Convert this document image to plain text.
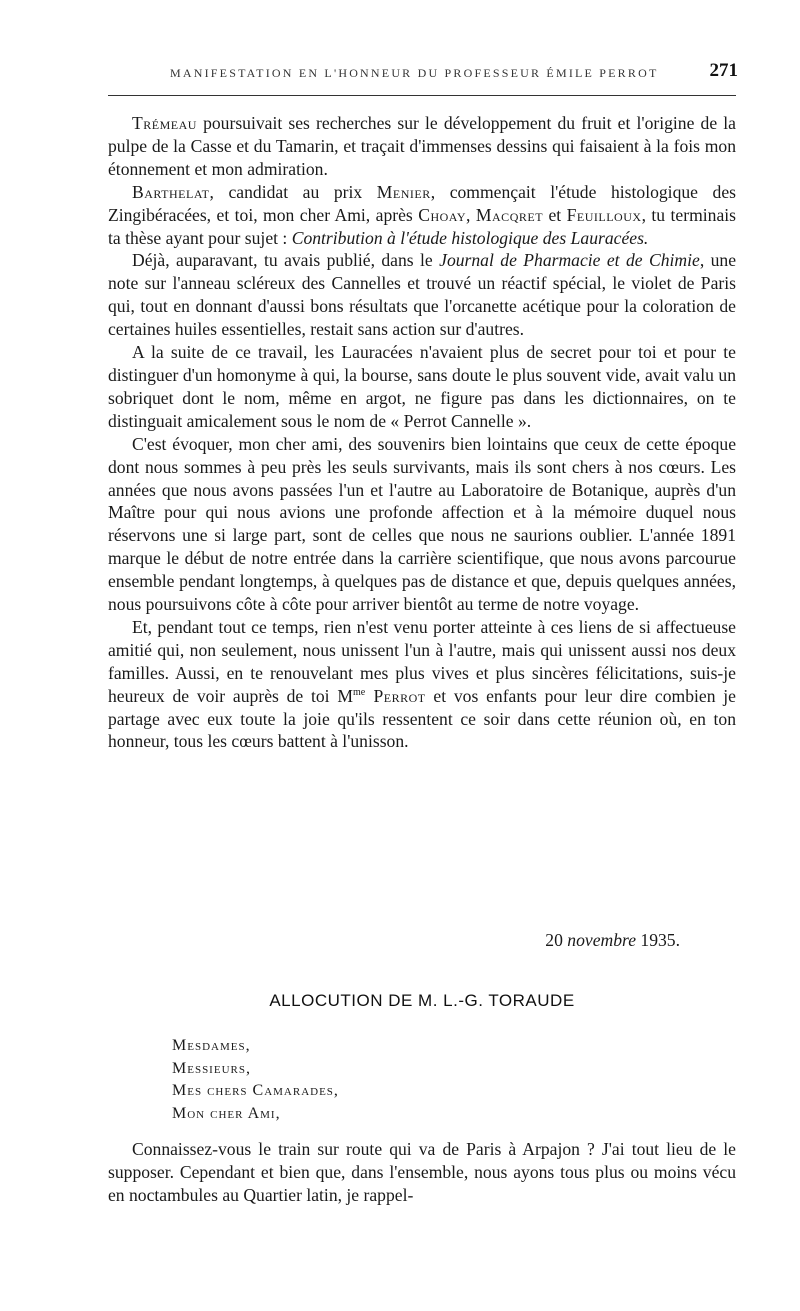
MANIFESTATION EN L'HONNEUR DU PROFESSEUR ÉMILE PERROT	271

Trémeau poursuivait ses recherches sur le développement du fruit et l'origine de la pulpe de la Casse et du Tamarin, et traçait d'immenses dessins qui faisaient à la fois mon étonnement et mon admiration.

Barthelat, candidat au prix Menier, commençait l'étude histologique des Zingibéracées, et toi, mon cher Ami, après Choay, Macqret et Feuilloux, tu terminais ta thèse ayant pour sujet : Contribution à l'étude histologique des Lauracées.

Déjà, auparavant, tu avais publié, dans le Journal de Pharmacie et de Chimie, une note sur l'anneau scléreux des Cannelles et trouvé un réactif spécial, le violet de Paris qui, tout en donnant d'aussi bons résultats que l'orcanette acétique pour la coloration de certaines huiles essentielles, restait sans action sur d'autres.

A la suite de ce travail, les Lauracées n'avaient plus de secret pour toi et pour te distinguer d'un homonyme à qui, la bourse, sans doute le plus souvent vide, avait valu un sobriquet dont le nom, même en argot, ne figure pas dans les dictionnaires, on te distinguait amicalement sous le nom de « Perrot Cannelle ».

C'est évoquer, mon cher ami, des souvenirs bien lointains que ceux de cette époque dont nous sommes à peu près les seuls survivants, mais ils sont chers à nos cœurs. Les années que nous avons passées l'un et l'autre au Laboratoire de Botanique, auprès d'un Maître pour qui nous avions une profonde affection et à la mémoire duquel nous réservons une si large part, sont de celles que nous ne saurions oublier. L'année 1891 marque le début de notre entrée dans la carrière scientifique, que nous avons parcourue ensemble pendant longtemps, à quelques pas de distance et que, depuis quelques années, nous poursuivons côte à côte pour arriver bientôt au terme de notre voyage.

Et, pendant tout ce temps, rien n'est venu porter atteinte à ces liens de si affectueuse amitié qui, non seulement, nous unissent l'un à l'autre, mais qui unissent aussi nos deux familles. Aussi, en te renouvelant mes plus vives et plus sincères félicitations, suis-je heureux de voir auprès de toi $M^{me}$ Perrot et vos enfants pour leur dire combien je partage avec eux toute la joie qu'ils ressentent ce soir dans cette réunion où, en ton honneur, tous les cœurs battent à l'unisson.

20 novembre 1935.
ALLOCUTION DE M. L.-G. TORAUDE
Mesdames,
Messieurs,
Mes chers Camarades,
Mon cher Ami,

Connaissez-vous le train sur route qui va de Paris à Arpajon ? J'ai tout lieu de le supposer. Cependant et bien que, dans l'ensemble, nous ayons tous plus ou moins vécu en noctambules au Quartier latin, je rappel-
